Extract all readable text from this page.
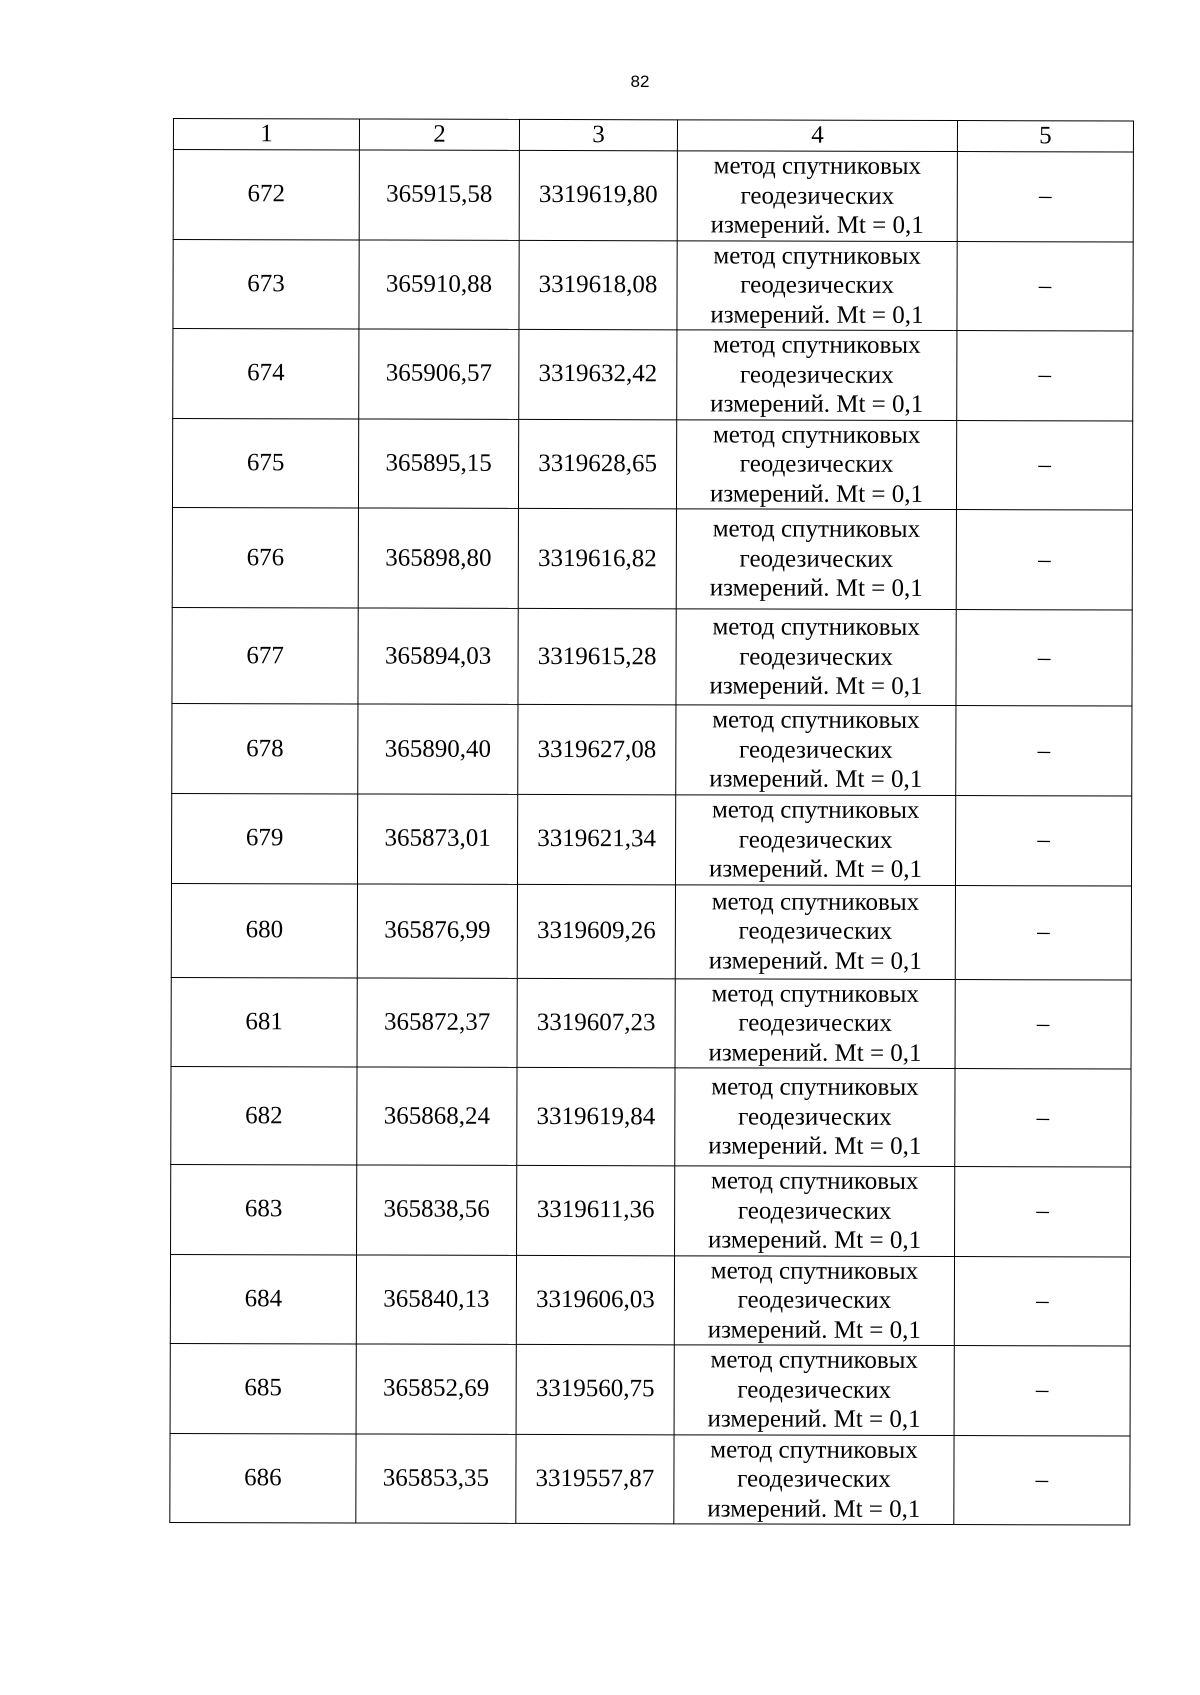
82
1	2	3	4	5
672	365915,58	3319619,80	метод спутниковых
геодезических
измерений. Mt = 0,1	–
673	365910,88	3319618,08	метод спутниковых
геодезических
измерений. Mt = 0,1	–
674	365906,57	3319632,42	метод спутниковых
геодезических
измерений. Mt = 0,1	–
675	365895,15	3319628,65	метод спутниковых
геодезических
измерений. Mt = 0,1	–
676	365898,80	3319616,82	метод спутниковых
геодезических
измерений. Mt = 0,1	–
677	365894,03	3319615,28	метод спутниковых
геодезических
измерений. Mt = 0,1	–
678	365890,40	3319627,08	метод спутниковых
геодезических
измерений. Mt = 0,1	–
679	365873,01	3319621,34	метод спутниковых
геодезических
измерений. Mt = 0,1	–
680	365876,99	3319609,26	метод спутниковых
геодезических
измерений. Mt = 0,1	–
681	365872,37	3319607,23	метод спутниковых
геодезических
измерений. Mt = 0,1	–
682	365868,24	3319619,84	метод спутниковых
геодезических
измерений. Mt = 0,1	–
683	365838,56	3319611,36	метод спутниковых
геодезических
измерений. Mt = 0,1	–
684	365840,13	3319606,03	метод спутниковых
геодезических
измерений. Mt = 0,1	–
685	365852,69	3319560,75	метод спутниковых
геодезических
измерений. Mt = 0,1	–
686	365853,35	3319557,87	метод спутниковых
геодезических
измерений. Mt = 0,1	–
